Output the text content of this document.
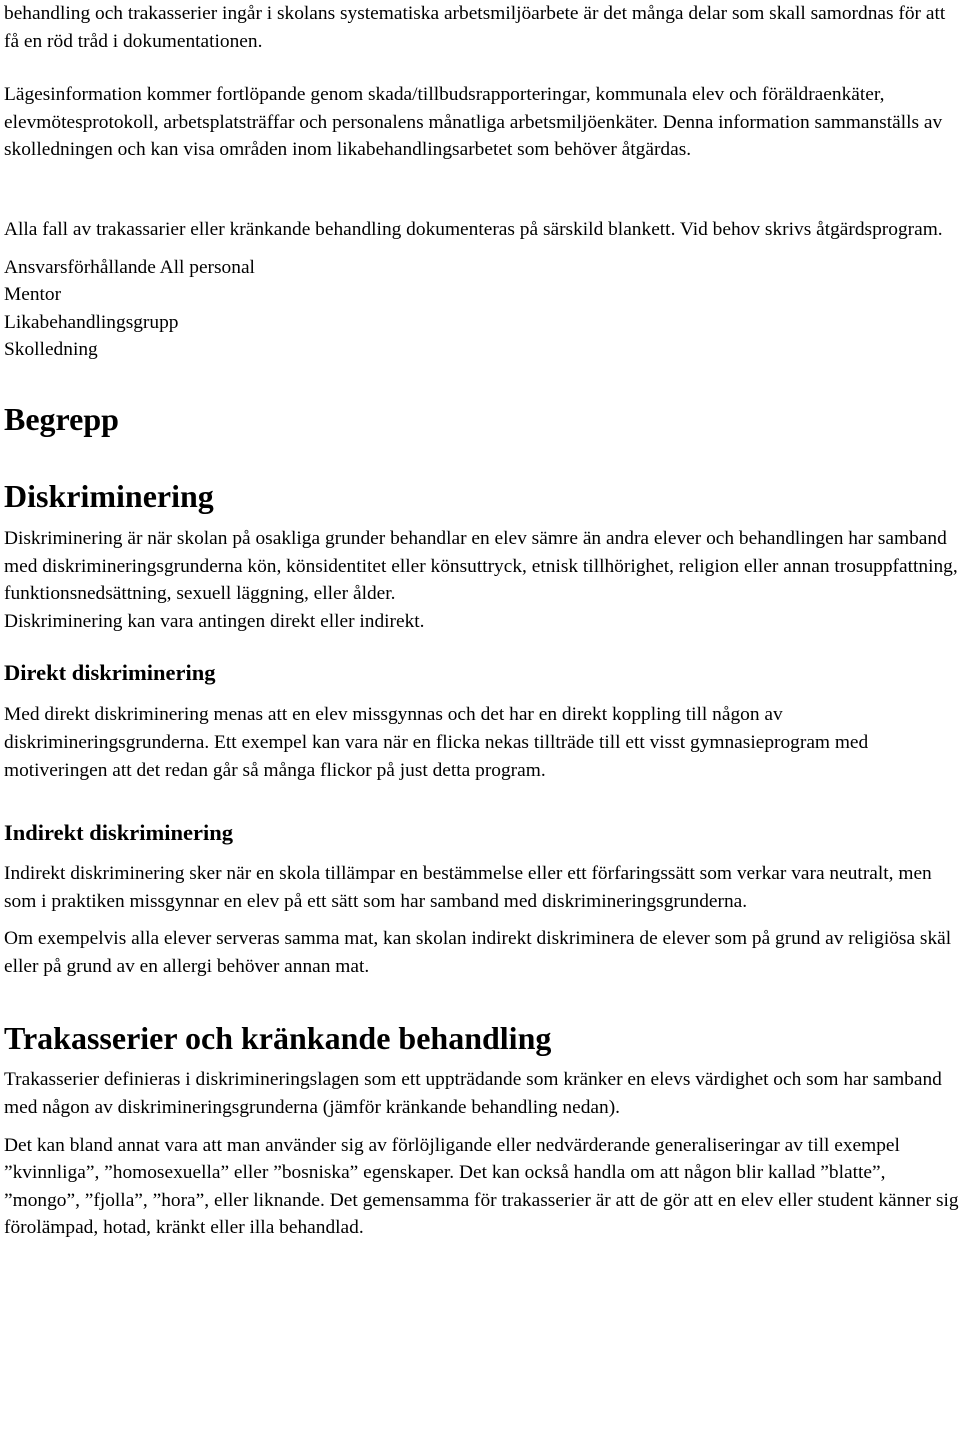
behandling och trakasserier ingår i skolans systematiska arbetsmiljöarbete är det många delar som skall samordnas för att få en röd tråd i dokumentationen.

Lägesinformation kommer fortlöpande genom skada/tillbudsrapporteringar, kommunala elev och föräldraenkäter, elevmötesprotokoll, arbetsplatsträffar och personalens månatliga arbetsmiljöenkäter. Denna information sammanställs av skolledningen och kan visa områden inom likabehandlingsarbetet som behöver åtgärdas.

Alla fall av trakassarier eller kränkande behandling dokumenteras på särskild blankett. Vid behov skrivs åtgärdsprogram.

Ansvarsförhållande All personal
Mentor
Likabehandlingsgrupp
Skolledning
Begrepp
Diskriminering

Diskriminering är när skolan på osakliga grunder behandlar en elev sämre än andra elever och behandlingen har samband med diskrimineringsgrunderna kön, könsidentitet eller könsuttryck, etnisk tillhörighet, religion eller annan trosuppfattning, funktionsnedsättning, sexuell läggning, eller ålder.

Diskriminering kan vara antingen direkt eller indirekt.

Direkt diskriminering

Med direkt diskriminering menas att en elev missgynnas och det har en direkt koppling till någon av diskrimineringsgrunderna. Ett exempel kan vara när en flicka nekas tillträde till ett visst gymnasieprogram med motiveringen att det redan går så många flickor på just detta program.

Indirekt diskriminering

Indirekt diskriminering sker när en skola tillämpar en bestämmelse eller ett förfaringssätt som verkar vara neutralt, men som i praktiken missgynnar en elev på ett sätt som har samband med diskrimineringsgrunderna.

Om exempelvis alla elever serveras samma mat, kan skolan indirekt diskriminera de elever som på grund av religiösa skäl eller på grund av en allergi behöver annan mat.

Trakasserier och kränkande behandling

Trakasserier definieras i diskrimineringslagen som ett uppträdande som kränker en elevs värdighet och som har samband med någon av diskrimineringsgrunderna (jämför kränkande behandling nedan).

Det kan bland annat vara att man använder sig av förlöjligande eller nedvärderande generaliseringar av till exempel ”kvinnliga”, ”homosexuella” eller ”bosniska” egenskaper. Det kan också handla om att någon blir kallad ”blatte”, ”mongo”, ”fjolla”, ”hora”, eller liknande. Det gemensamma för trakasserier är att de gör att en elev eller student känner sig förolämpad, hotad, kränkt eller illa behandlad.
